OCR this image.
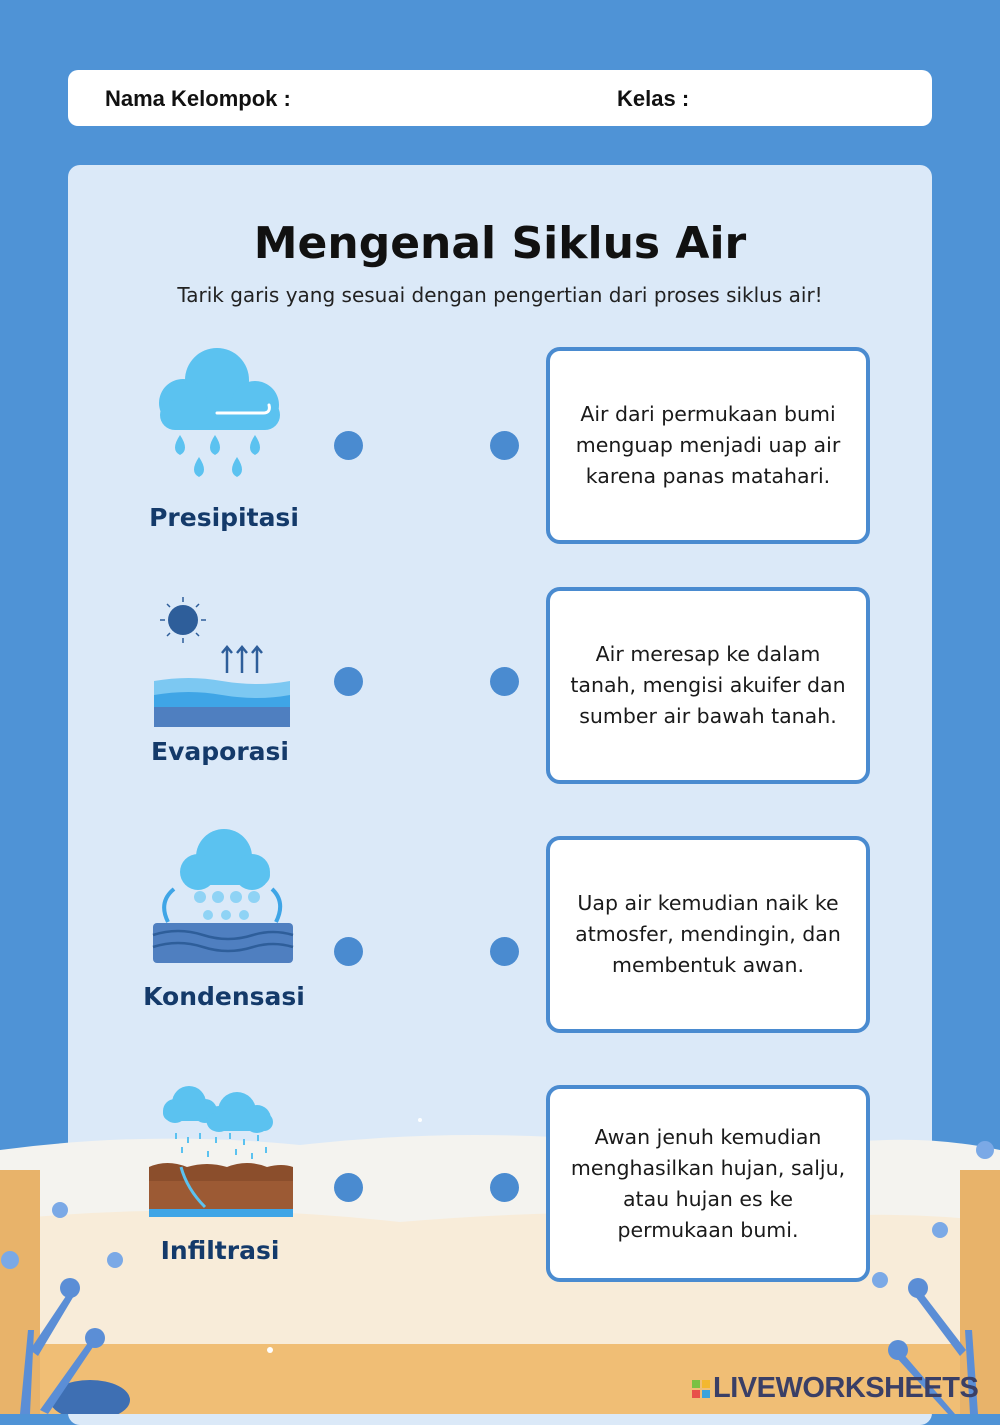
Nama Kelompok :	Kelas :
Mengenal Siklus Air
Tarik garis yang sesuai dengan pengertian dari proses siklus air!
Presipitasi
Evaporasi
Kondensasi
Infiltrasi
Air dari permukaan bumi menguap menjadi uap air karena panas matahari.
Air meresap ke dalam tanah, mengisi akuifer dan sumber air bawah tanah.
Uap air kemudian naik ke atmosfer, mendingin, dan membentuk awan.
Awan jenuh kemudian menghasilkan hujan, salju, atau hujan es ke permukaan bumi.
LIVEWORKSHEETS
